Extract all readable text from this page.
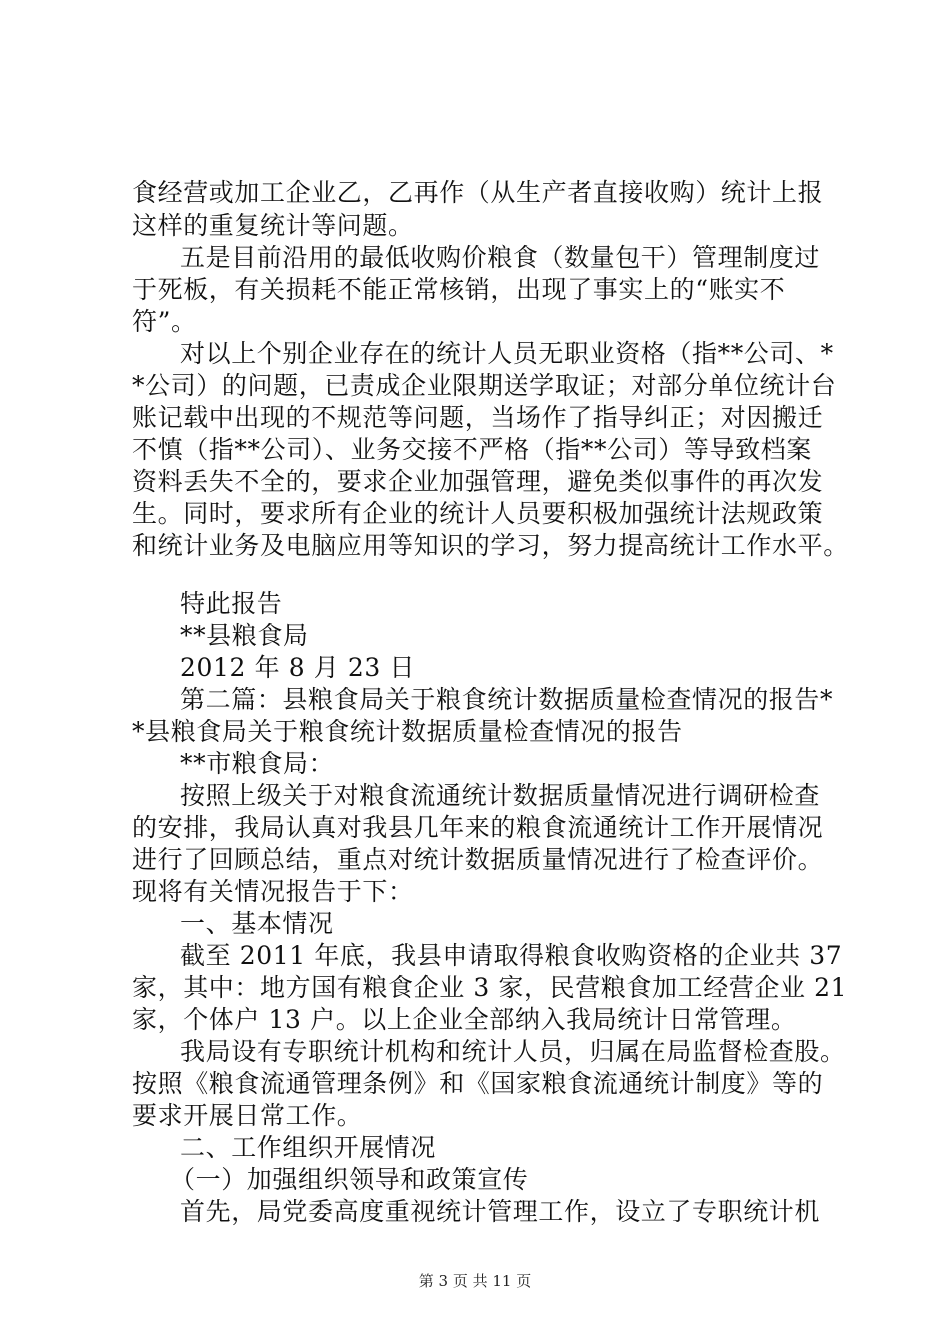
食经营或加工企业乙，乙再作（从生产者直接收购）统计上报
这样的重复统计等问题。
五是目前沿用的最低收购价粮食（数量包干）管理制度过
于死板，有关损耗不能正常核销，出现了事实上的“账实不
符”。
对以上个别企业存在的统计人员无职业资格（指**公司、*
*公司）的问题，已责成企业限期送学取证；对部分单位统计台
账记载中出现的不规范等问题，当场作了指导纠正；对因搬迁
不慎（指**公司）、业务交接不严格（指**公司）等导致档案
资料丢失不全的，要求企业加强管理，避免类似事件的再次发
生。同时，要求所有企业的统计人员要积极加强统计法规政策
和统计业务及电脑应用等知识的学习，努力提高统计工作水平。
特此报告
**县粮食局
2012 年 8 月 23 日
第二篇：县粮食局关于粮食统计数据质量检查情况的报告*
*县粮食局关于粮食统计数据质量检查情况的报告
**市粮食局：
按照上级关于对粮食流通统计数据质量情况进行调研检查
的安排，我局认真对我县几年来的粮食流通统计工作开展情况
进行了回顾总结，重点对统计数据质量情况进行了检查评价。
现将有关情况报告于下：
一、基本情况
截至 2011 年底，我县申请取得粮食收购资格的企业共 37
家，其中：地方国有粮食企业 3 家，民营粮食加工经营企业 21
家，个体户 13 户。以上企业全部纳入我局统计日常管理。
我局设有专职统计机构和统计人员，归属在局监督检查股。
按照《粮食流通管理条例》和《国家粮食流通统计制度》等的
要求开展日常工作。
二、工作组织开展情况
（一）加强组织领导和政策宣传
首先，局党委高度重视统计管理工作，设立了专职统计机
第 3 页 共 11 页
